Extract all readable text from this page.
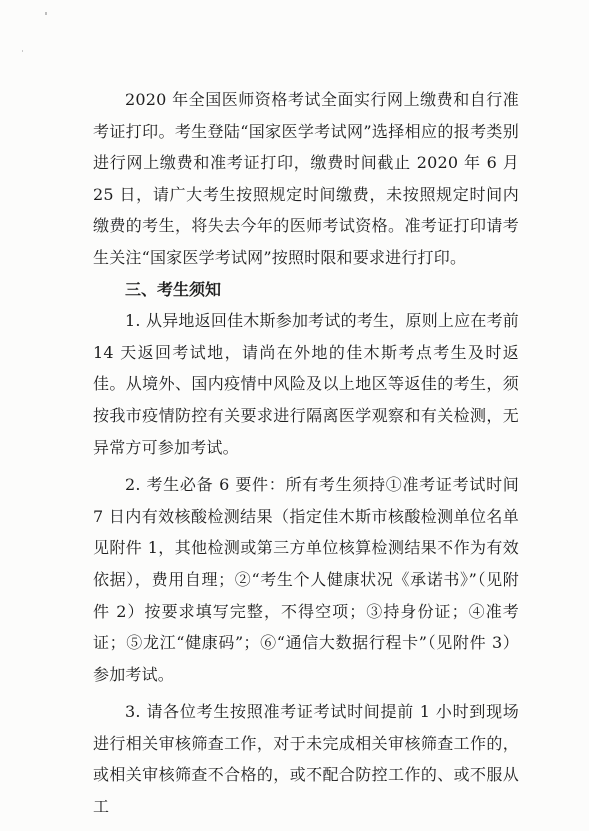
2020 年全国医师资格考试全面实行网上缴费和自行准考证打印。考生登陆“国家医学考试网”选择相应的报考类别进行网上缴费和准考证打印，缴费时间截止 2020 年 6 月 25 日，请广大考生按照规定时间缴费，未按照规定时间内缴费的考生，将失去今年的医师考试资格。准考证打印请考生关注“国家医学考试网”按照时限和要求进行打印。

三、考生须知

1. 从异地返回佳木斯参加考试的考生，原则上应在考前 14 天返回考试地，请尚在外地的佳木斯考点考生及时返佳。从境外、国内疫情中风险及以上地区等返佳的考生，须按我市疫情防控有关要求进行隔离医学观察和有关检测，无异常方可参加考试。

2. 考生必备 6 要件：所有考生须持①准考证考试时间 7 日内有效核酸检测结果（指定佳木斯市核酸检测单位名单见附件 1，其他检测或第三方单位核算检测结果不作为有效依据），费用自理；②“考生个人健康状况《承诺书》”（见附件 2）按要求填写完整，不得空项；③持身份证；④准考证；⑤龙江“健康码”；⑥“通信大数据行程卡”（见附件 3）参加考试。

3. 请各位考生按照准考证考试时间提前 1 小时到现场进行相关审核筛查工作，对于未完成相关审核筛查工作的，或相关审核筛查不合格的，或不配合防控工作的、或不服从工
